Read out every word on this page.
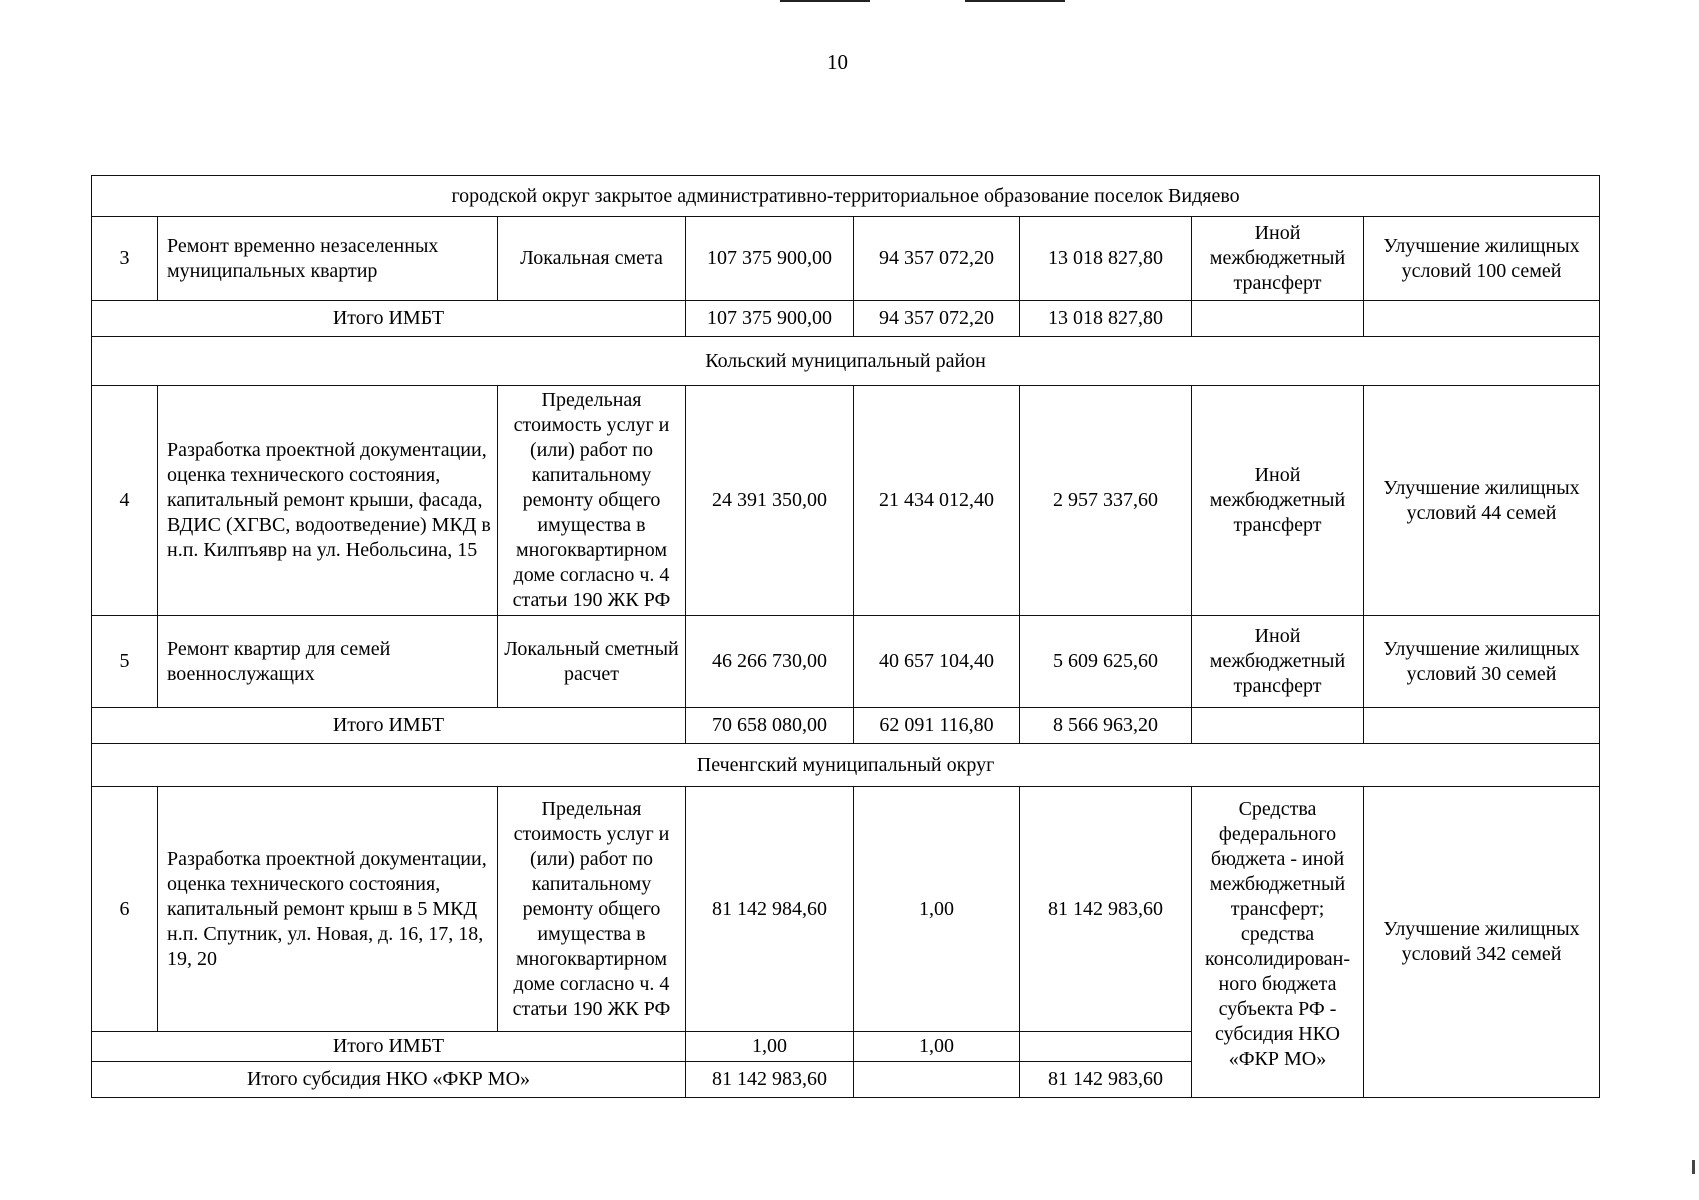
10
городской округ закрытое административно-территориальное образование поселок Видяево							
3	Ремонт временно незаселенных муниципальных квартир	Локальная смета	107 375 900,00	94 357 072,20	13 018 827,80	Иной межбюджетный трансферт	Улучшение жилищных условий 100 семей
Итого ИМБТ			107 375 900,00	94 357 072,20	13 018 827,80		
Кольский муниципальный район							
4	Разработка проектной документации, оценка технического состояния, капитальный ремонт крыши, фасада, ВДИС (ХГВС, водоотведение) МКД в н.п. Килпъявр на ул. Небольсина, 15	Предельная стоимость услуг и (или) работ по капитальному ремонту общего имущества в многоквартирном доме согласно ч. 4 статьи 190 ЖК РФ	24 391 350,00	21 434 012,40	2 957 337,60	Иной межбюджетный трансферт	Улучшение жилищных условий 44 семей
5	Ремонт квартир для семей военнослужащих	Локальный сметный расчет	46 266 730,00	40 657 104,40	5 609 625,60	Иной межбюджетный трансферт	Улучшение жилищных условий 30 семей
Итого ИМБТ			70 658 080,00	62 091 116,80	8 566 963,20		
Печенгский муниципальный округ							
6	Разработка проектной документации, оценка технического состояния, капитальный ремонт крыш в 5 МКД н.п. Спутник, ул. Новая, д. 16, 17, 18, 19, 20	Предельная стоимость услуг и (или) работ по капитальному ремонту общего имущества в многоквартирном доме согласно ч. 4 статьи 190 ЖК РФ	81 142 984,60	1,00	81 142 983,60	Средства федерального бюджета - иной межбюджетный трансферт; средства консолидирован-ного бюджета субъекта РФ - субсидия НКО «ФКР МО»	Улучшение жилищных условий 342 семей
Итого ИМБТ			1,00	1,00			
Итого субсидия НКО «ФКР МО»			81 142 983,60		81 142 983,60		
